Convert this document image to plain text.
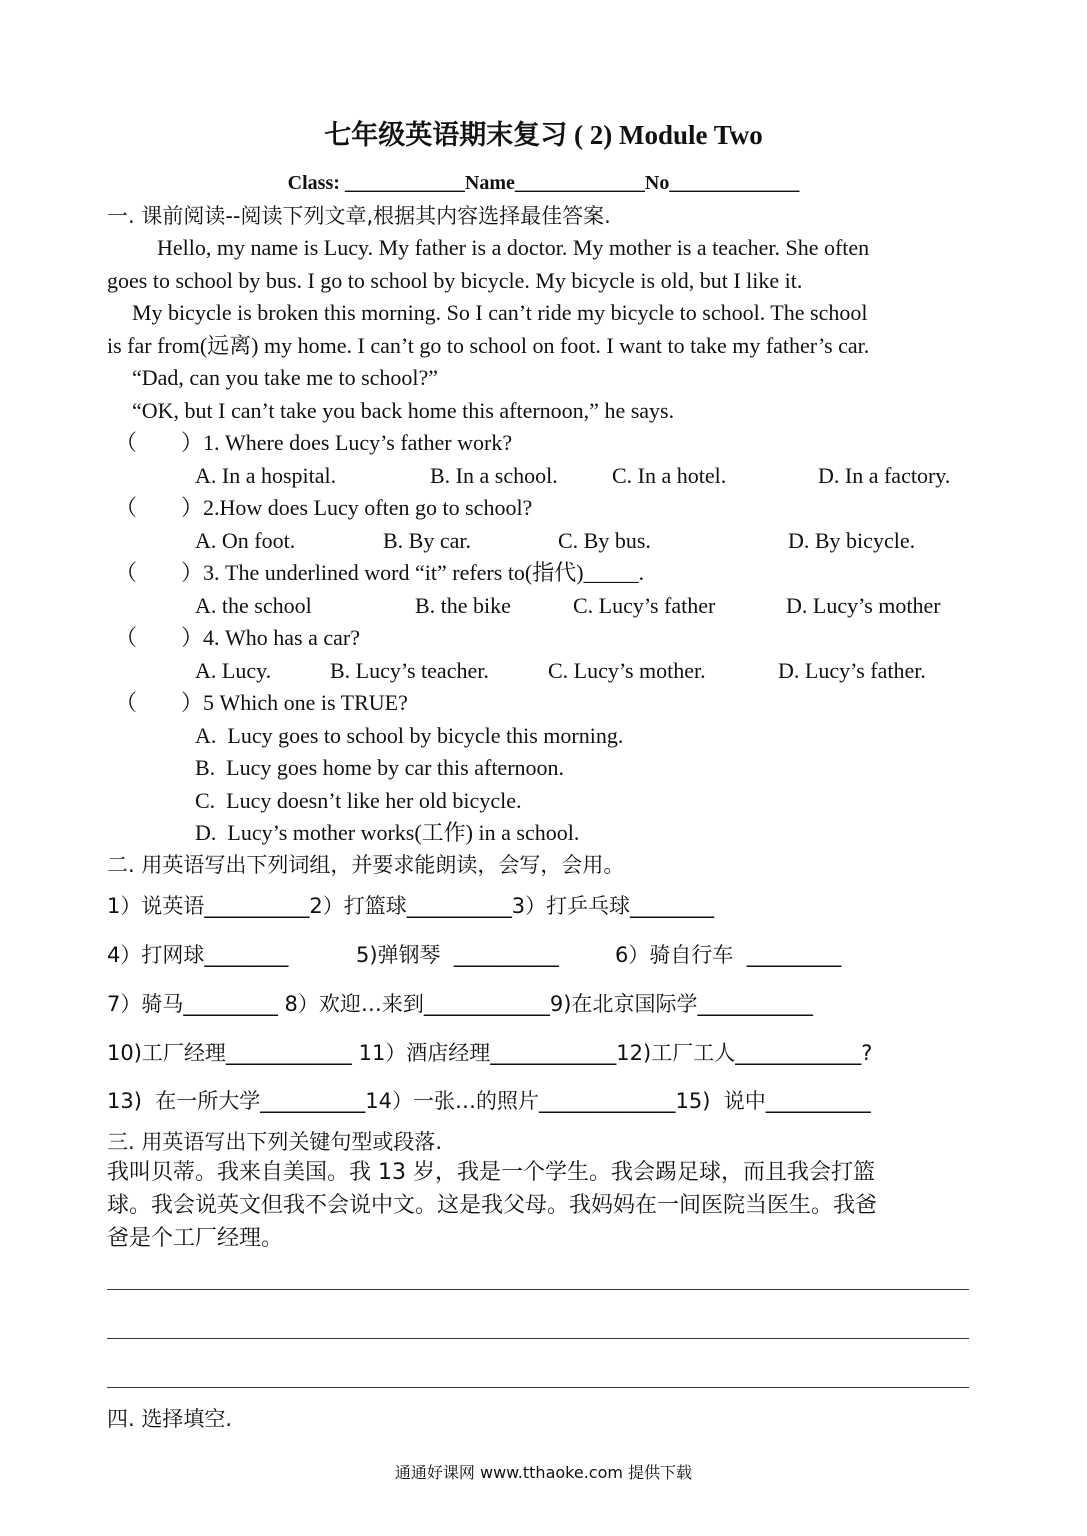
七年级英语期末复习 ( 2) Module Two
Class: ____________Name_____________No_____________
一. 课前阅读--阅读下列文章,根据其内容选择最佳答案.
Hello, my name is Lucy. My father is a doctor. My mother is a teacher. She often
goes to school by bus. I go to school by bicycle. My bicycle is old, but I like it.
My bicycle is broken this morning. So I can’t ride my bicycle to school. The school
is far from(远离) my home. I can’t go to school on foot. I want to take my father’s car.
“Dad, can you take me to school?”
“OK, but I can’t take you back home this afternoon,” he says.
（        ）1. Where does Lucy’s father work?
A. In a hospital.	B. In a school. C. In a hotel.	D. In a factory.
（        ）2.How does Lucy often go to school?
A. On foot.	B. By car.	C. By bus.	D. By bicycle.
（        ）3. The underlined word “it” refers to(指代)_____.
A. the school	B. the bike	C. Lucy’s father	D. Lucy’s mother
（        ）4. Who has a car?
A. Lucy.	B. Lucy’s teacher.	C. Lucy’s mother.	D. Lucy’s father.
（        ）5 Which one is TRUE?
A.  Lucy goes to school by bicycle this morning.
B.  Lucy goes home by car this afternoon.
C.  Lucy doesn’t like her old bicycle.
D.  Lucy’s mother works(工作) in a school.
二. 用英语写出下列词组，并要求能朗读，会写，会用。
1）说英语__________2）打篮球__________3）打乒乓球________
4）打网球________	5)弹钢琴  __________	6）骑自行车  _________
7）骑马_________ 8）欢迎…来到____________9)在北京国际学___________
10)工厂经理____________ 11）酒店经理____________12)工厂工人____________?
13)  在一所大学__________14）一张…的照片_____________15)  说中__________
三. 用英语写出下列关键句型或段落.
我叫贝蒂。我来自美国。我 13 岁，我是一个学生。我会踢足球，而且我会打篮
球。我会说英文但我不会说中文。这是我父母。我妈妈在一间医院当医生。我爸
爸是个工厂经理。
四. 选择填空.
通通好课网 www.tthaoke.com 提供下载
